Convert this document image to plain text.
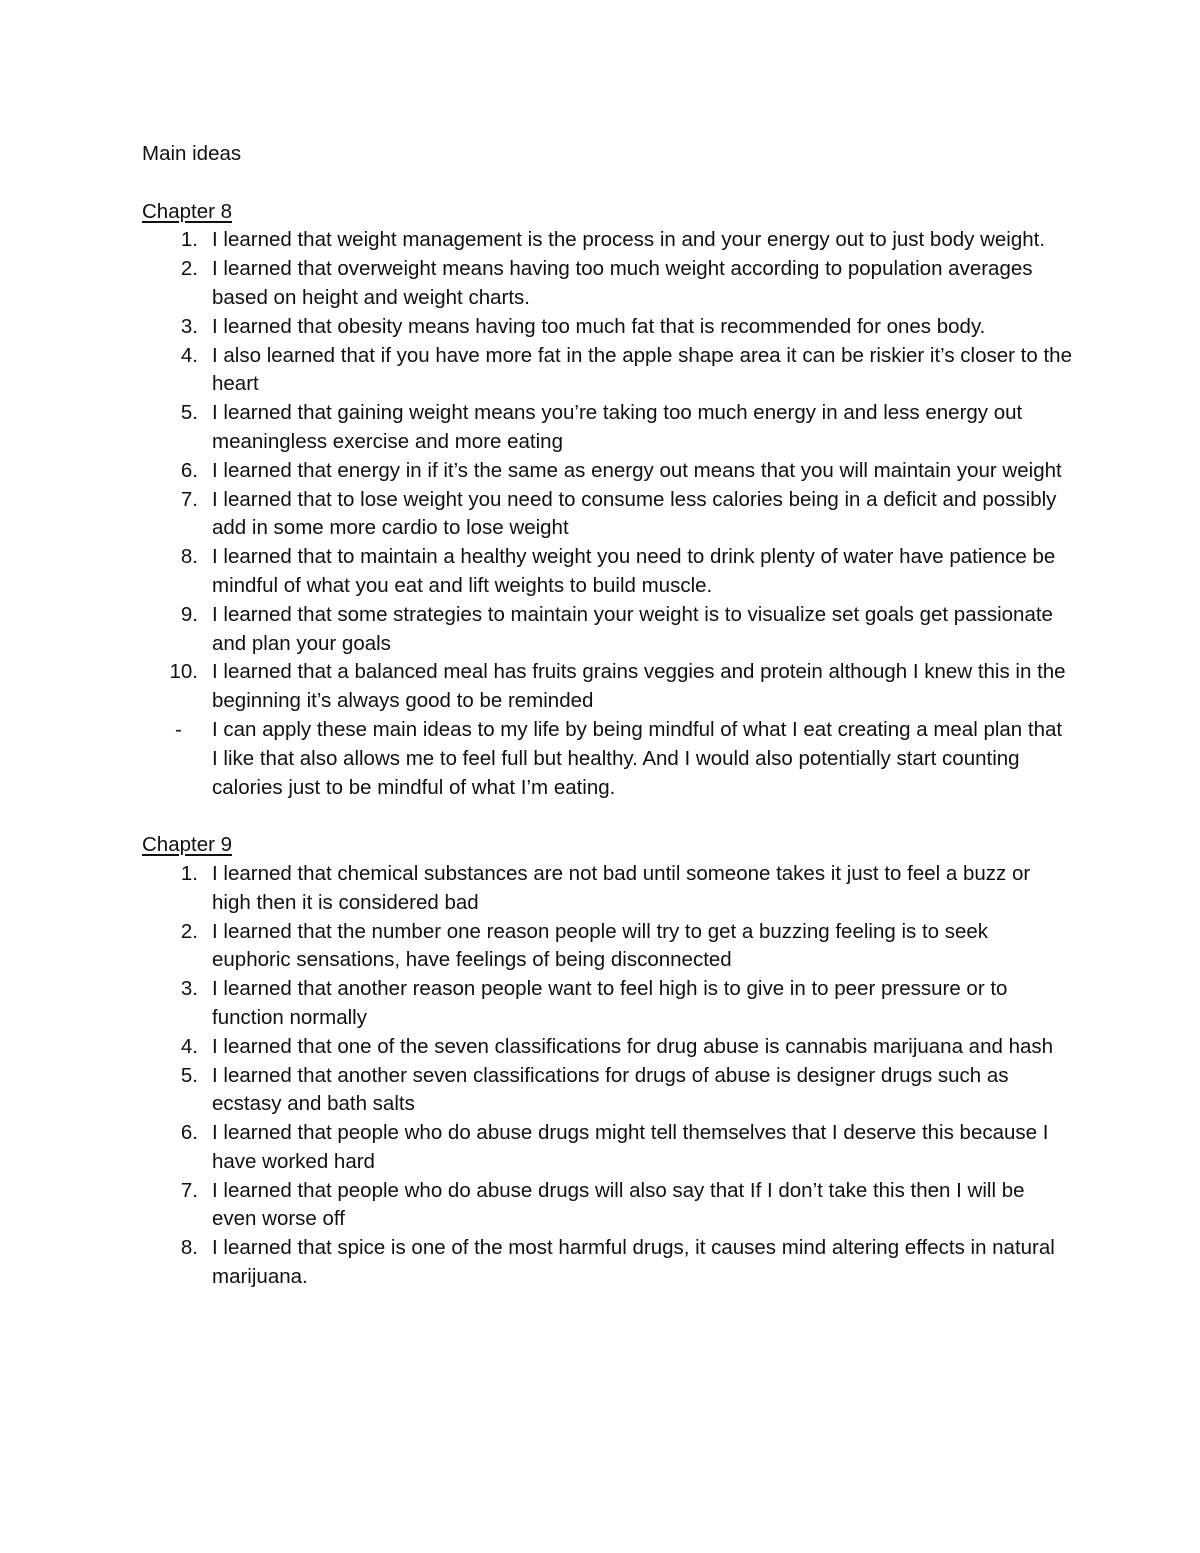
Main ideas

Chapter 8
1. I learned that weight management is the process in and your energy out to just body weight.
2. I learned that overweight means having too much weight according to population averages based on height and weight charts.
3. I learned that obesity means having too much fat that is recommended for ones body.
4. I also learned that if you have more fat in the apple shape area it can be riskier it’s closer to the heart
5. I learned that gaining weight means you’re taking too much energy in and less energy out meaningless exercise and more eating
6. I learned that energy in if it’s the same as energy out means that you will maintain your weight
7. I learned that to lose weight you need to consume less calories being in a deficit and possibly add in some more cardio to lose weight
8. I learned that to maintain a healthy weight you need to drink plenty of water have patience be mindful of what you eat and lift weights to build muscle.
9. I learned that some strategies to maintain your weight is to visualize set goals get passionate and plan your goals
10. I learned that a balanced meal has fruits grains veggies and protein although I knew this in the beginning it’s always good to be reminded
- I can apply these main ideas to my life by being mindful of what I eat creating a meal plan that I like that also allows me to feel full but healthy. And I would also potentially start counting calories just to be mindful of what I’m eating.
Chapter 9
1. I learned that chemical substances are not bad until someone takes it just to feel a buzz or high then it is considered bad
2. I learned that the number one reason people will try to get a buzzing feeling is to seek euphoric sensations, have feelings of being disconnected
3. I learned that another reason people want to feel high is to give in to peer pressure or to function normally
4. I learned that one of the seven classifications for drug abuse is cannabis marijuana and hash
5. I learned that another seven classifications for drugs of abuse is designer drugs such as ecstasy and bath salts
6. I learned that people who do abuse drugs might tell themselves that I deserve this because I have worked hard
7. I learned that people who do abuse drugs will also say that If I don’t take this then I will be even worse off
8. I learned that spice is one of the most harmful drugs, it causes mind altering effects in natural marijuana.
